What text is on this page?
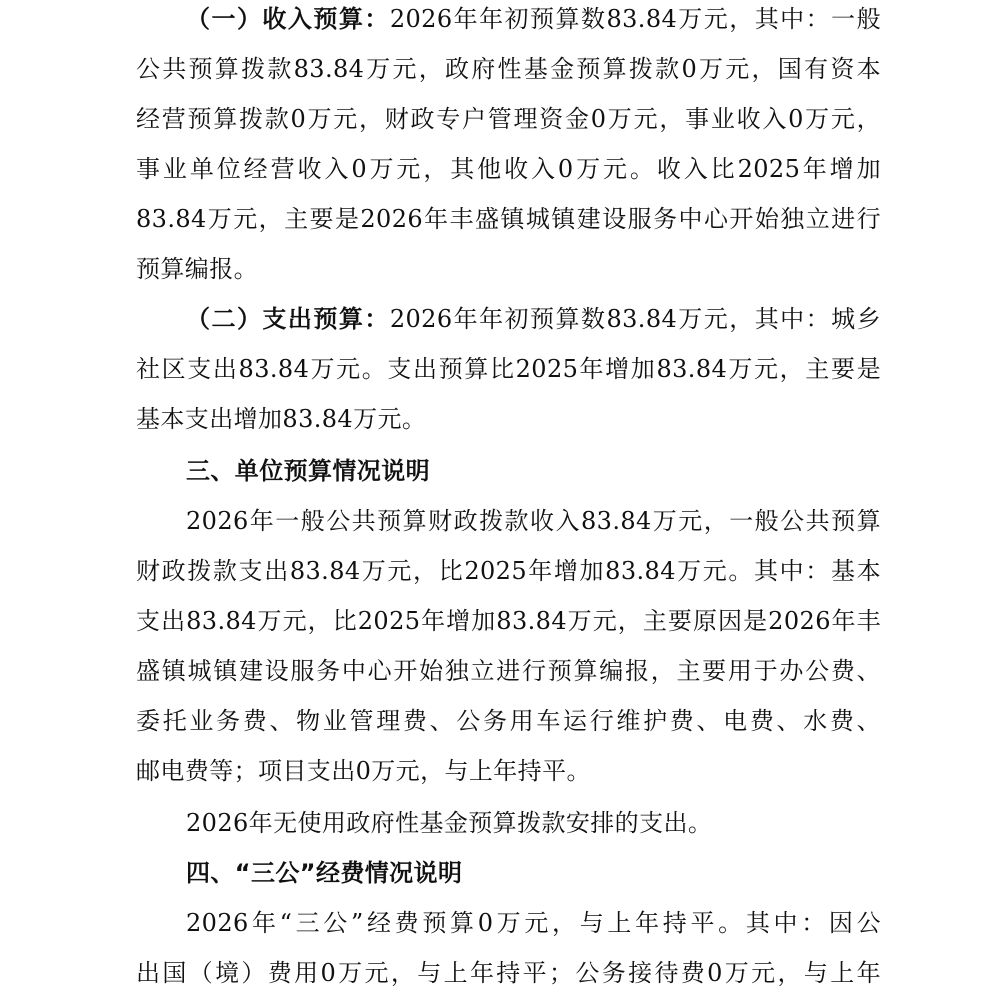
（一）收入预算：2026年年初预算数83.84万元，其中：一般
公共预算拨款83.84万元，政府性基金预算拨款0万元，国有资本
经营预算拨款0万元，财政专户管理资金0万元，事业收入0万元，
事业单位经营收入0万元，其他收入0万元。收入比2025年增加
83.84万元，主要是2026年丰盛镇城镇建设服务中心开始独立进行
预算编报。
（二）支出预算：2026年年初预算数83.84万元，其中：城乡
社区支出83.84万元。支出预算比2025年增加83.84万元，主要是
基本支出增加83.84万元。
三、单位预算情况说明
2026年一般公共预算财政拨款收入83.84万元，一般公共预算
财政拨款支出83.84万元，比2025年增加83.84万元。其中：基本
支出83.84万元，比2025年增加83.84万元，主要原因是2026年丰
盛镇城镇建设服务中心开始独立进行预算编报，主要用于办公费、
委托业务费、物业管理费、公务用车运行维护费、电费、水费、
邮电费等；项目支出0万元，与上年持平。
2026年无使用政府性基金预算拨款安排的支出。
四、“三公”经费情况说明
2026年“三公”经费预算0万元，与上年持平。其中：因公
出国（境）费用0万元，与上年持平；公务接待费0万元，与上年
